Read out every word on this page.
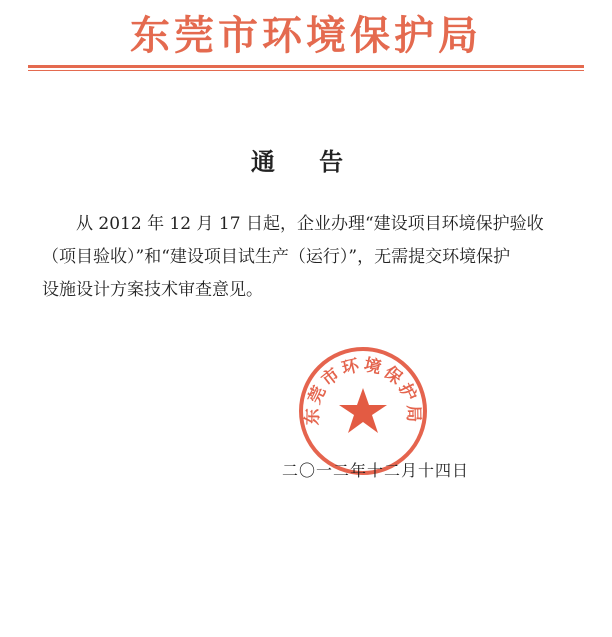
东莞市环境保护局
通 告
从 2012 年 12 月 17 日起，企业办理“建设项目环境保护验收
（项目验收）”和“建设项目试生产（运行）”，无需提交环境保护
设施设计方案技术审查意见。
东莞市环境保护局
二〇一二年十二月十四日
